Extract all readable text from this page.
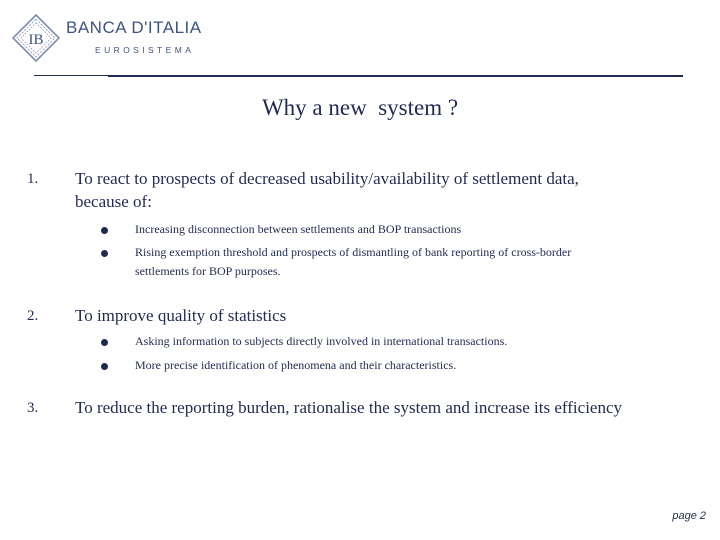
IB
BANCA D'ITALIA
EUROSISTEMA
Why a new  system ?
1. To react to prospects of decreased usability/availability of settlement data,
because of:
Increasing disconnection between settlements and BOP transactions
Rising exemption threshold and prospects of dismantling of bank reporting of cross-border
settlements for BOP purposes.
2. To improve quality of statistics
Asking information to subjects directly involved in international transactions.
More precise identification of phenomena and their characteristics.
3. To reduce the reporting burden, rationalise the system and increase its efficiency
page 2
